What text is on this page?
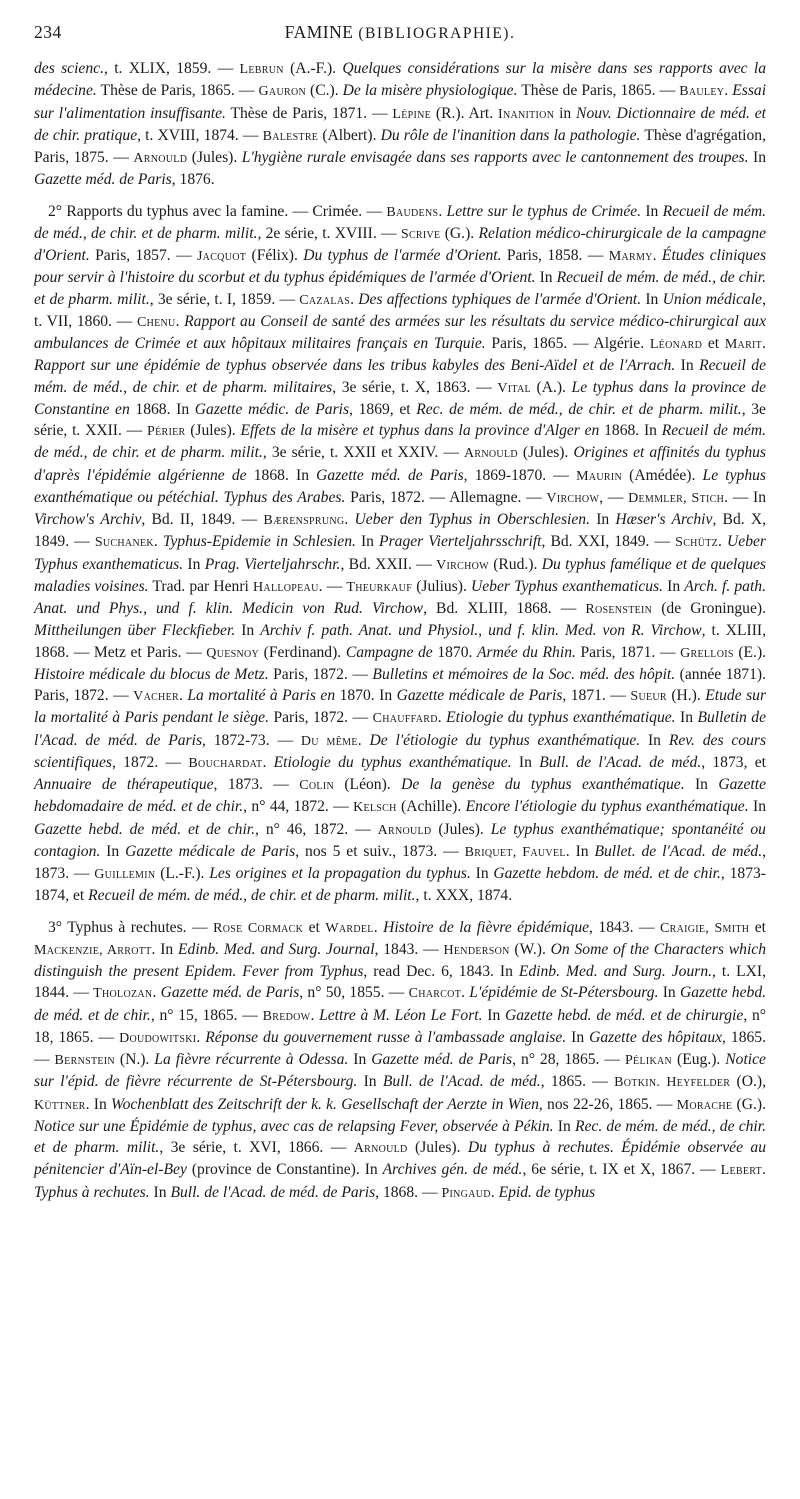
234	FAMINE (BIBLIOGRAPHIE).

des scienc., t. XLIX, 1859. — Lebrun (A.-F.). Quelques considérations sur la misère dans ses rapports avec la médecine. Thèse de Paris, 1865. — Gauron (C.). De la misère physiologique. Thèse de Paris, 1865. — Bauley. Essai sur l'alimentation insuffisante. Thèse de Paris, 1871. — Lépine (R.). Art. Inanition in Nouv. Dictionnaire de méd. et de chir. pratique, t. XVIII, 1874. — Balestre (Albert). Du rôle de l'inanition dans la pathologie. Thèse d'agrégation, Paris, 1875. — Arnould (Jules). L'hygiène rurale envisagée dans ses rapports avec le cantonnement des troupes. In Gazette méd. de Paris, 1876.

2° Rapports du typhus avec la famine. — Crimée. — Baudens. Lettre sur le typhus de Crimée. In Recueil de mém. de méd., de chir. et de pharm. milit., 2e série, t. XVIII. — Scrive (G.). Relation médico-chirurgicale de la campagne d'Orient. Paris, 1857. — Jacquot (Félix). Du typhus de l'armée d'Orient. Paris, 1858. — Marmy. Études cliniques pour servir à l'histoire du scorbut et du typhus épidémiques de l'armée d'Orient. In Recueil de mém. de méd., de chir. et de pharm. milit., 3e série, t. I, 1859. — Cazalas. Des affections typhiques de l'armée d'Orient. In Union médicale, t. VII, 1860. — Chenu. Rapport au Conseil de santé des armées sur les résultats du service médico-chirurgical aux ambulances de Crimée et aux hôpitaux militaires français en Turquie. Paris, 1865. — Algérie. Léonard et Marit. Rapport sur une épidémie de typhus observée dans les tribus kabyles des Beni-Aïdel et de l'Arrach. In Recueil de mém. de méd., de chir. et de pharm. militaires, 3e série, t. X, 1863. — Vital (A.). Le typhus dans la province de Constantine en 1868. In Gazette médic. de Paris, 1869, et Rec. de mém. de méd., de chir. et de pharm. milit., 3e série, t. XXII. — Périer (Jules). Effets de la misère et typhus dans la province d'Alger en 1868. In Recueil de mém. de méd., de chir. et de pharm. milit., 3e série, t. XXII et XXIV. — Arnould (Jules). Origines et affinités du typhus d'après l'épidémie algérienne de 1868. In Gazette méd. de Paris, 1869-1870. — Maurin (Amédée). Le typhus exanthématique ou pétéchial. Typhus des Arabes. Paris, 1872. — Allemagne. — Virchow, — Demmler, Stich. — In Virchow's Archiv, Bd. II, 1849. — Bærensprung. Ueber den Typhus in Oberschlesien. In Hæser's Archiv, Bd. X, 1849. — Suchanek. Typhus-Epidemie in Schlesien. In Prager Vierteljahrsschrift, Bd. XXI, 1849. — Schütz. Ueber Typhus exanthematicus. In Prag. Vierteljahrschr., Bd. XXII. — Virchow (Rud.). Du typhus famélique et de quelques maladies voisines. Trad. par Henri Hallopeau. — Theurkauf (Julius). Ueber Typhus exanthematicus. In Arch. f. path. Anat. und Phys., und f. klin. Medicin von Rud. Virchow, Bd. XLIII, 1868. — Rosenstein (de Groningue). Mittheilungen über Fleckfieber. In Archiv f. path. Anat. und Physiol., und f. klin. Med. von R. Virchow, t. XLIII, 1868. — Metz et Paris. — Quesnoy (Ferdinand). Campagne de 1870. Armée du Rhin. Paris, 1871. — Grellois (E.). Histoire médicale du blocus de Metz. Paris, 1872. — Bulletins et mémoires de la Soc. méd. des hôpit. (année 1871). Paris, 1872. — Vacher. La mortalité à Paris en 1870. In Gazette médicale de Paris, 1871. — Sueur (H.). Etude sur la mortalité à Paris pendant le siège. Paris, 1872. — Chauffard. Etiologie du typhus exanthématique. In Bulletin de l'Acad. de méd. de Paris, 1872-73. — Du même. De l'étiologie du typhus exanthématique. In Rev. des cours scientifiques, 1872. — Bouchardat. Etiologie du typhus exanthématique. In Bull. de l'Acad. de méd., 1873, et Annuaire de thérapeutique, 1873. — Colin (Léon). De la genèse du typhus exanthématique. In Gazette hebdomadaire de méd. et de chir., n° 44, 1872. — Kelsch (Achille). Encore l'étiologie du typhus exanthématique. In Gazette hebd. de méd. et de chir., n° 46, 1872. — Arnould (Jules). Le typhus exanthématique; spontanéité ou contagion. In Gazette médicale de Paris, nos 5 et suiv., 1873. — Briquet, Fauvel. In Bullet. de l'Acad. de méd., 1873. — Guillemin (L.-F.). Les origines et la propagation du typhus. In Gazette hebdom. de méd. et de chir., 1873-1874, et Recueil de mém. de méd., de chir. et de pharm. milit., t. XXX, 1874.

3° Typhus à rechutes. — Rose Cormack et Wardel. Histoire de la fièvre épidémique, 1843. — Craigie, Smith et Mackenzie, Arrott. In Edinb. Med. and Surg. Journal, 1843. — Henderson (W.). On Some of the Characters which distinguish the present Epidem. Fever from Typhus, read Dec. 6, 1843. In Edinb. Med. and Surg. Journ., t. LXI, 1844. — Tholozan. Gazette méd. de Paris, n° 50, 1855. — Charcot. L'épidémie de St-Pétersbourg. In Gazette hebd. de méd. et de chir., n° 15, 1865. — Bredow. Lettre à M. Léon Le Fort. In Gazette hebd. de méd. et de chirurgie, n° 18, 1865. — Doudowitski. Réponse du gouvernement russe à l'ambassade anglaise. In Gazette des hôpitaux, 1865. — Bernstein (N.). La fièvre récurrente à Odessa. In Gazette méd. de Paris, n° 28, 1865. — Pélikan (Eug.). Notice sur l'épid. de fièvre récurrente de St-Pétersbourg. In Bull. de l'Acad. de méd., 1865. — Botkin. Heyfelder (O.), Küttner. In Wochenblatt des Zeitschrift der k. k. Gesellschaft der Aerzte in Wien, nos 22-26, 1865. — Morache (G.). Notice sur une Épidémie de typhus, avec cas de relapsing Fever, observée à Pékin. In Rec. de mém. de méd., de chir. et de pharm. milit., 3e série, t. XVI, 1866. — Arnould (Jules). Du typhus à rechutes. Épidémie observée au pénitencier d'Aïn-el-Bey (province de Constantine). In Archives gén. de méd., 6e série, t. IX et X, 1867. — Lebert. Typhus à rechutes. In Bull. de l'Acad. de méd. de Paris, 1868. — Pingaud. Epid. de typhus
